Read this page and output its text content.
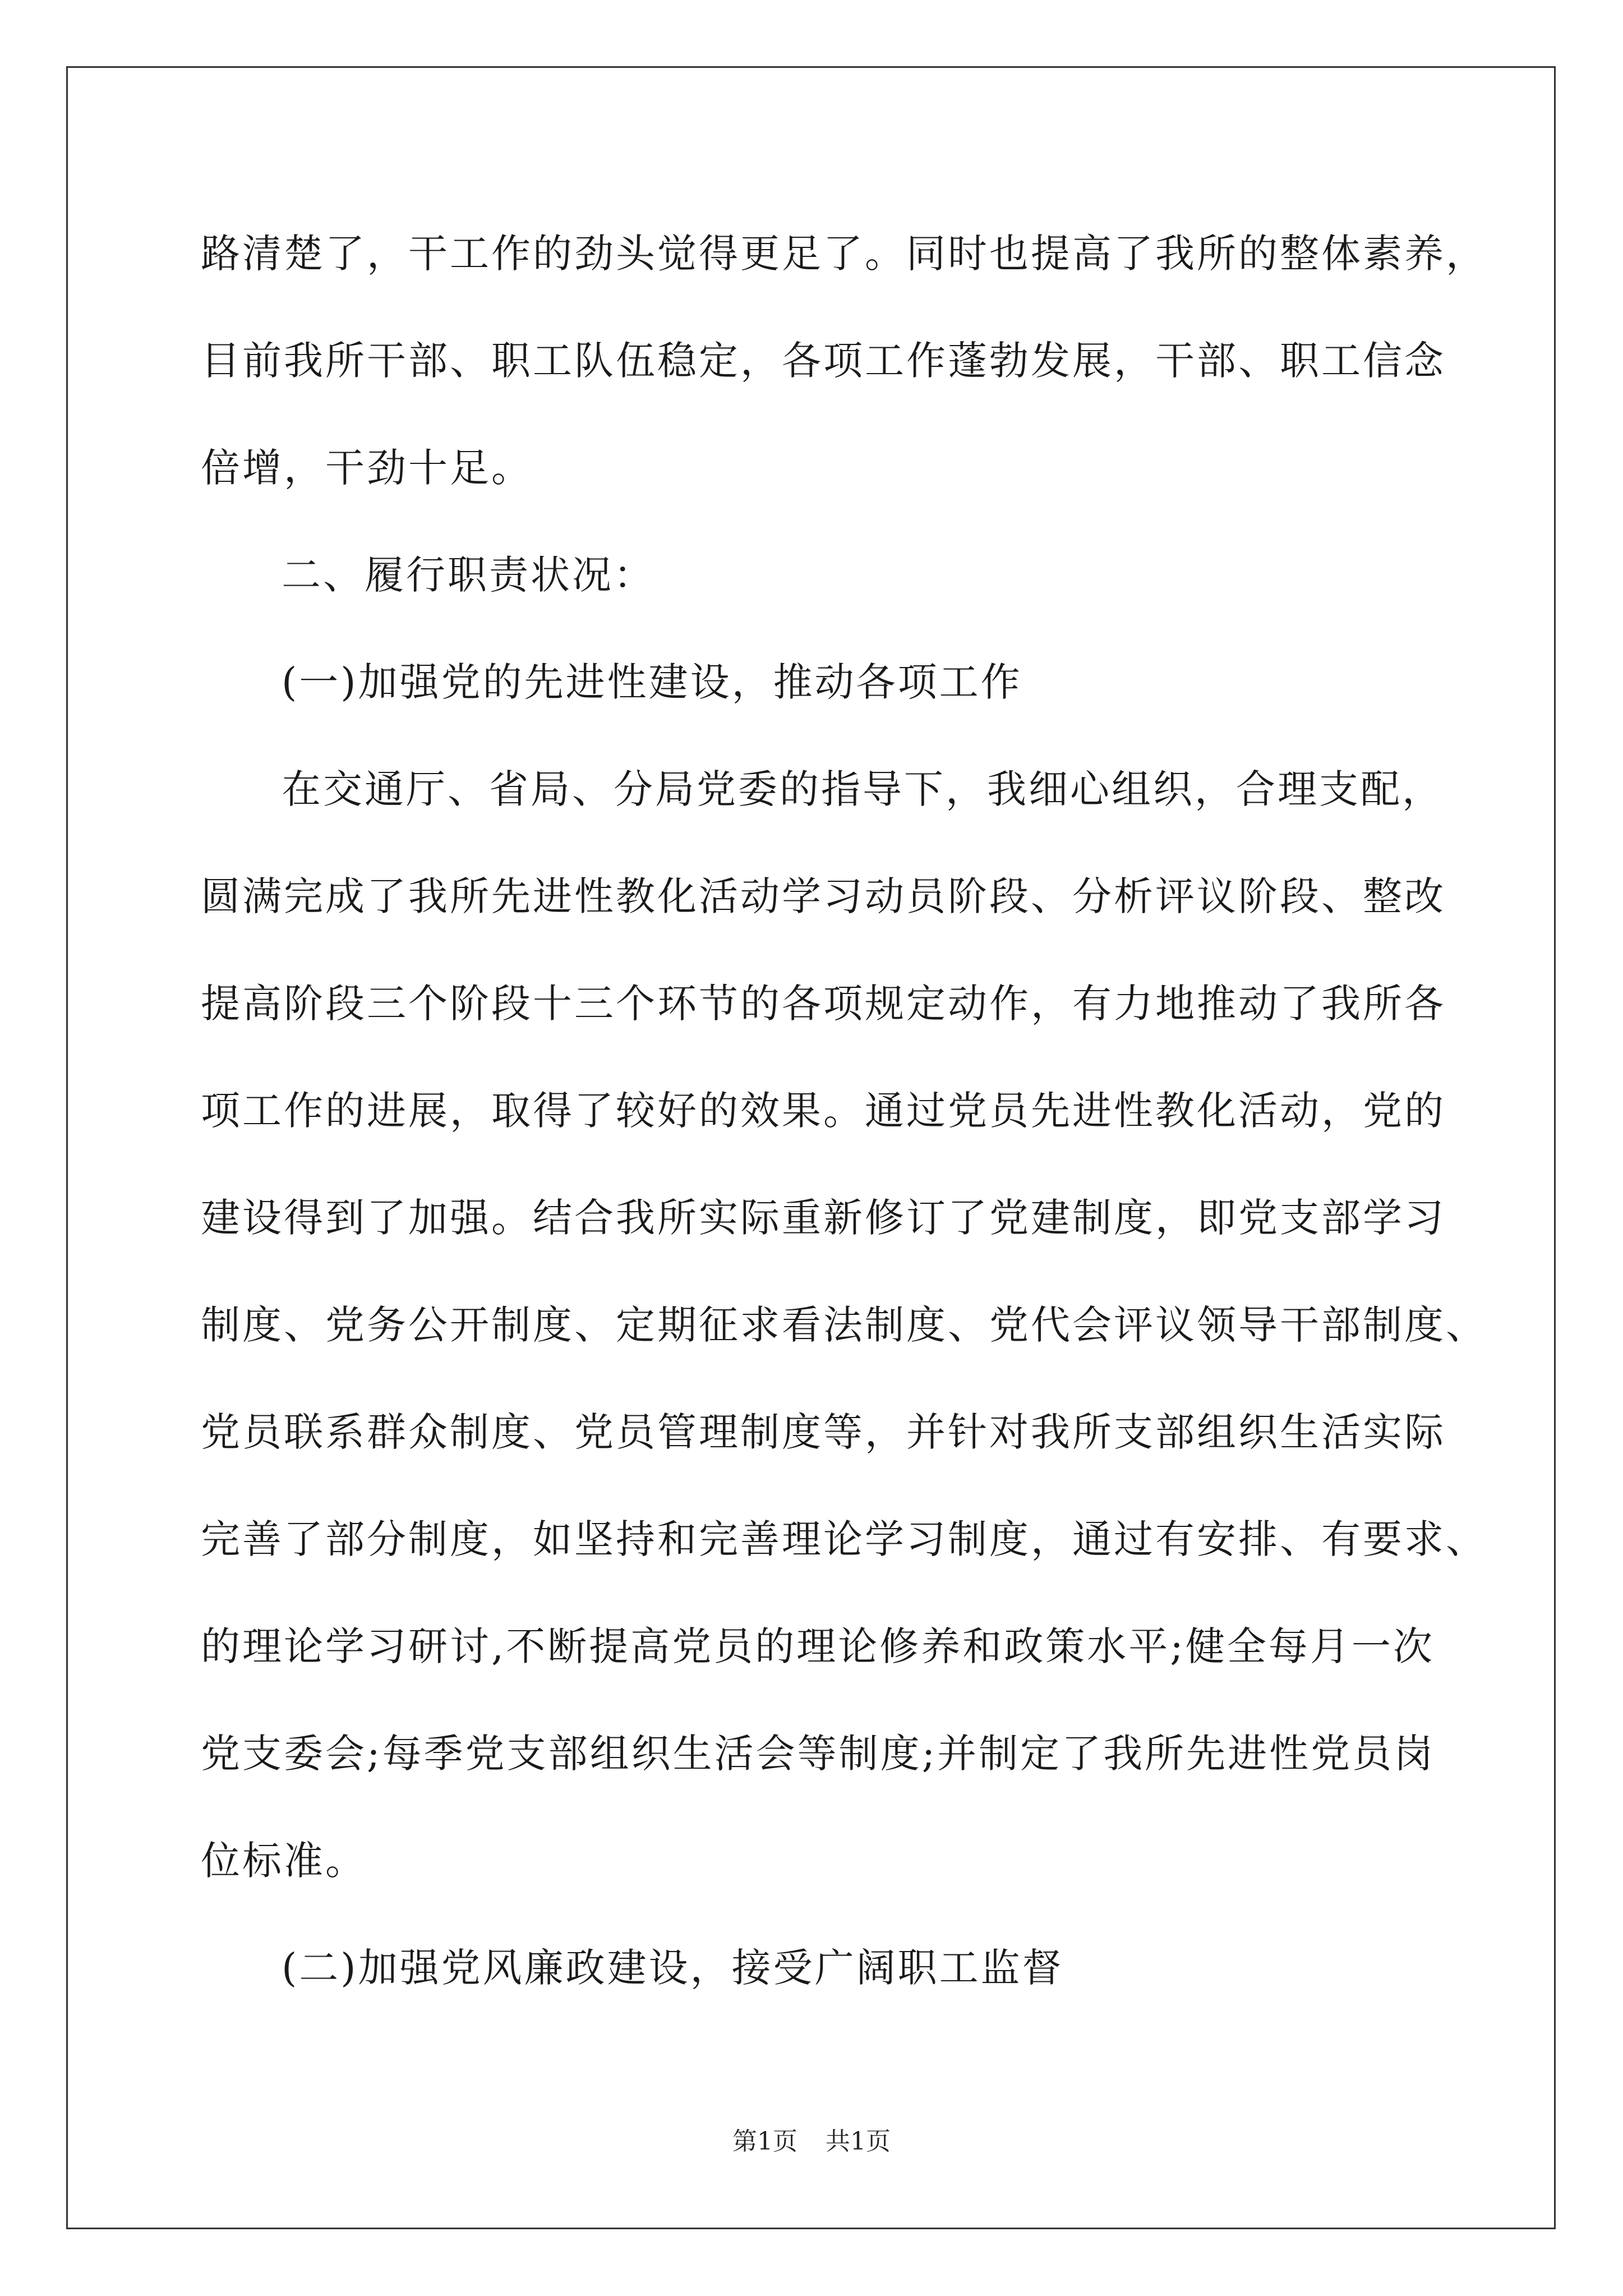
路清楚了，干工作的劲头觉得更足了。同时也提高了我所的整体素养，
目前我所干部、职工队伍稳定，各项工作蓬勃发展，干部、职工信念
倍增，干劲十足。
二、履行职责状况：
(一)加强党的先进性建设，推动各项工作
在交通厅、省局、分局党委的指导下，我细心组织，合理支配，
圆满完成了我所先进性教化活动学习动员阶段、分析评议阶段、整改
提高阶段三个阶段十三个环节的各项规定动作，有力地推动了我所各
项工作的进展，取得了较好的效果。通过党员先进性教化活动，党的
建设得到了加强。结合我所实际重新修订了党建制度，即党支部学习
制度、党务公开制度、定期征求看法制度、党代会评议领导干部制度、
党员联系群众制度、党员管理制度等，并针对我所支部组织生活实际
完善了部分制度，如坚持和完善理论学习制度，通过有安排、有要求、
的理论学习研讨,不断提高党员的理论修养和政策水平;健全每月一次
党支委会;每季党支部组织生活会等制度;并制定了我所先进性党员岗
位标准。
(二)加强党风廉政建设，接受广阔职工监督
第1页 共1页
